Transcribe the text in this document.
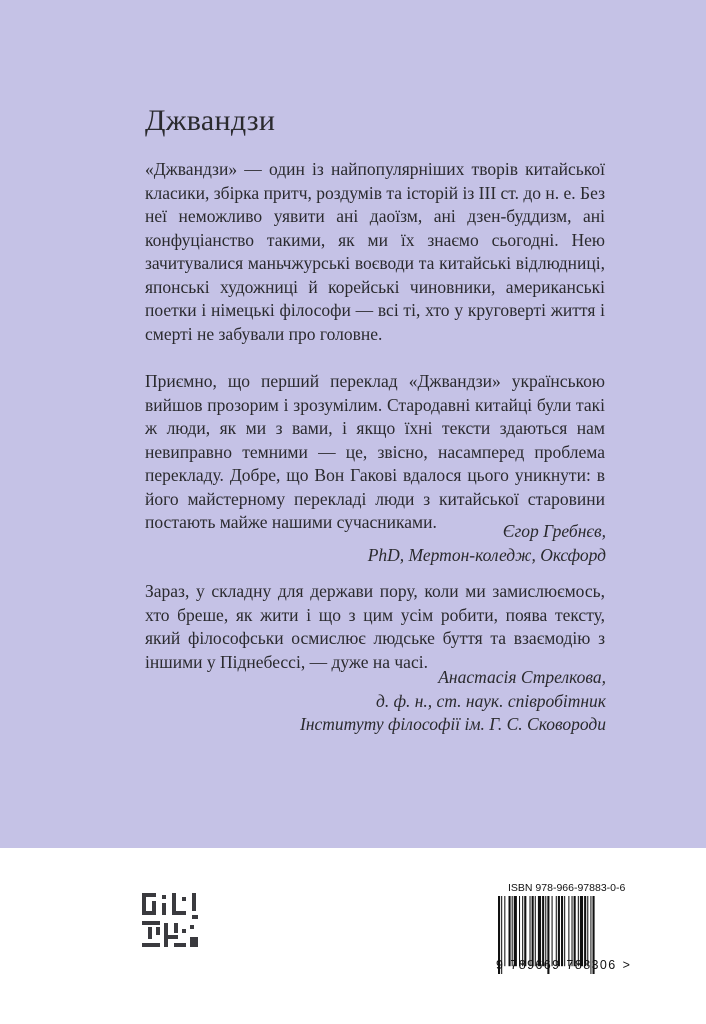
Джвандзи

«Джвандзи» — один із найпопулярніших творів китайської класики, збірка притч, роздумів та історій із III ст. до н. е. Без неї неможливо уявити ані даоїзм, ані дзен-буддизм, ані конфуціанство такими, як ми їх знаємо сьогодні. Нею зачитувалися маньчжурські воєводи та китайські відлюдниці, японські художниці й корейські чиновники, американські поетки і німецькі філософи — всі ті, хто у круговерті життя і смерті не забували про головне.

Приємно, що перший переклад «Джвандзи» українською вийшов прозорим і зрозумілим. Стародавні китайці були такі ж люди, як ми з вами, і якщо їхні тексти здаються нам невиправно темними — це, звісно, насамперед проблема перекладу. Добре, що Вон Гакові вдалося цього уникнути: в його майстерному перекладі люди з китайської старовини постають майже нашими сучасниками.	Єгор Гребнєв,
PhD, Мертон-коледж, Оксфорд

Зараз, у складну для держави пору, коли ми замислюємось, хто бреше, як жити і що з цим усім робити, поява тексту, який філософськи осмислює людське буття та взаємодію з іншими у Піднебессі, — дуже на часі.

Анастасія Стрелкова,
д. ф. н., ст. наук. співробітник
Інституту філософії ім. Г. С. Сковороди
ISBN 978-966-97883-0-6
9 789669 788306 >
